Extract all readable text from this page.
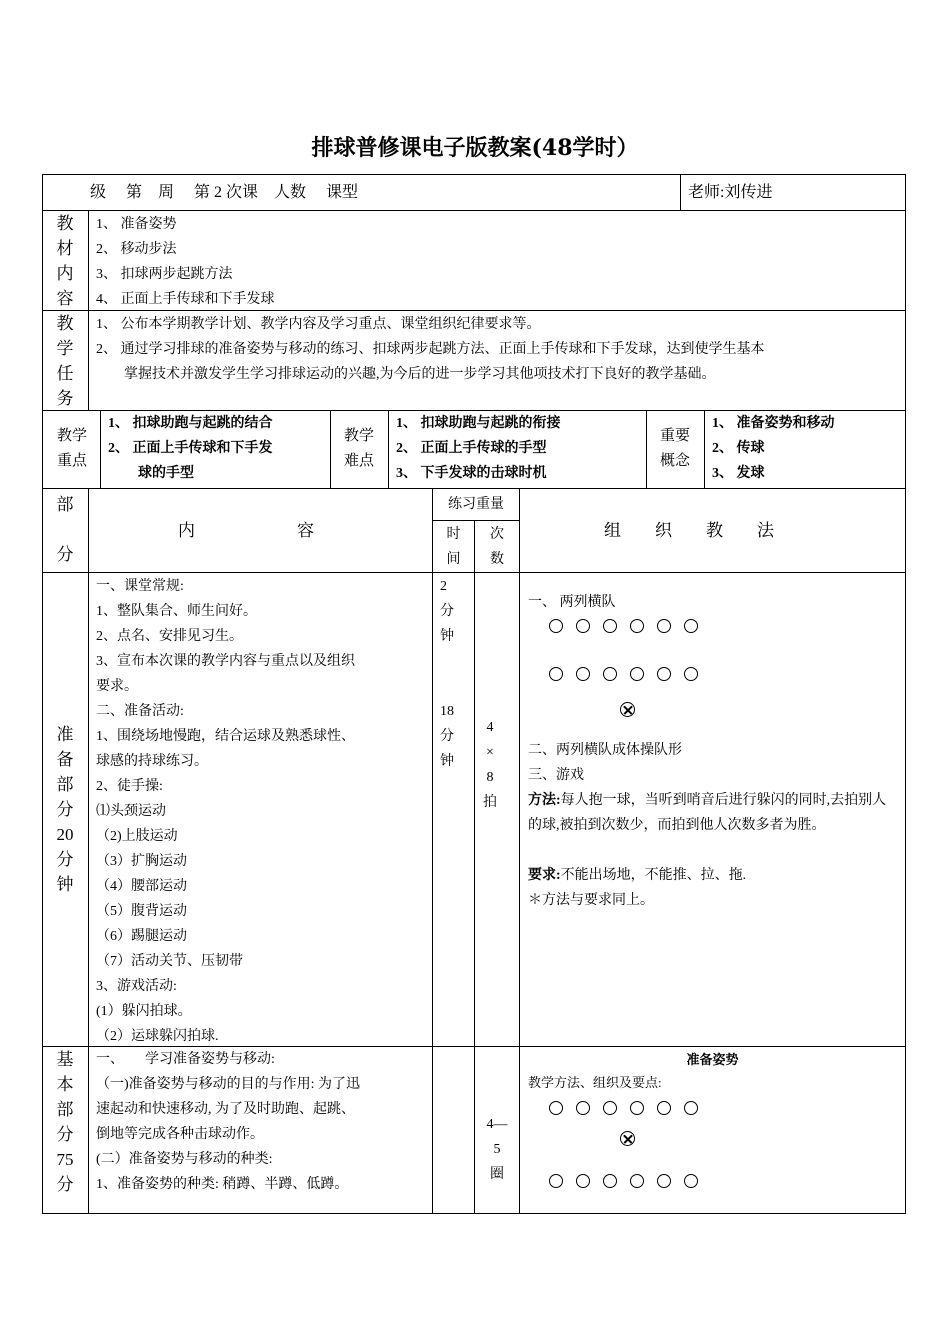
排球普修课电子版教案(48学时）
级　 第　周　 第 2 次课　人数　 课型	老师:刘传进
教
材
内
容
1、 准备姿势
2、 移动步法
3、 扣球两步起跳方法
4、 正面上手传球和下手发球
教
学
任
务
1、 公布本学期教学计划、教学内容及学习重点、课堂组织纪律要求等。
2、 通过学习排球的准备姿势与移动的练习、扣球两步起跳方法、正面上手传球和下手发球，达到使学生基本
掌握技术并激发学生学习排球运动的兴趣,为今后的进一步学习其他项技术打下良好的教学基础。
教学
重点
1、 扣球助跑与起跳的结合
2、 正面上手传球和下手发
球的手型
教学
难点
1、 扣球助跑与起跳的衔接
2、 正面上手传球的手型
3、 下手发球的击球时机
重要
概念
1、 准备姿势和移动
2、 传球
3、 发球
部
分
内　　　　　　容
练习重量
时
间
次
数
组　　织　　教　　法
准
备
部
分
20
分
钟
一、课堂常规:
1、整队集合、师生问好。
2、点名、安排见习生。
3、宣布本次课的教学内容与重点以及组织
要求。
二、准备活动:
1、围绕场地慢跑，结合运球及熟悉球性、
球感的持球练习。
2、徒手操:
⑴头颈运动
（2)上肢运动
（3）扩胸运动
（4）腰部运动
（5）腹背运动
（6）踢腿运动
（7）活动关节、压韧带
3、游戏活动:
(1）躲闪拍球。
（2）运球躲闪拍球.
2
分
钟
18
分
钟
4
×
8
拍
一、 两列横队
二、两列横队成体操队形
三、游戏
方法:每人抱一球，当听到哨音后进行躲闪的同时,去拍别人的球,被拍到次数少，而拍到他人次数多者为胜。
要求:不能出场地，不能推、拉、拖.
＊方法与要求同上。
基
本
部
分
75
分
一、　　学习准备姿势与移动:
（一)准备姿势与移动的目的与作用: 为了迅
速起动和快速移动, 为了及时助跑、起跳、
倒地等完成各种击球动作。
(二）准备姿势与移动的种类:
1、准备姿势的种类: 稍蹲、半蹲、低蹲。
4—
5
圈
准备姿势
教学方法、组织及要点:
